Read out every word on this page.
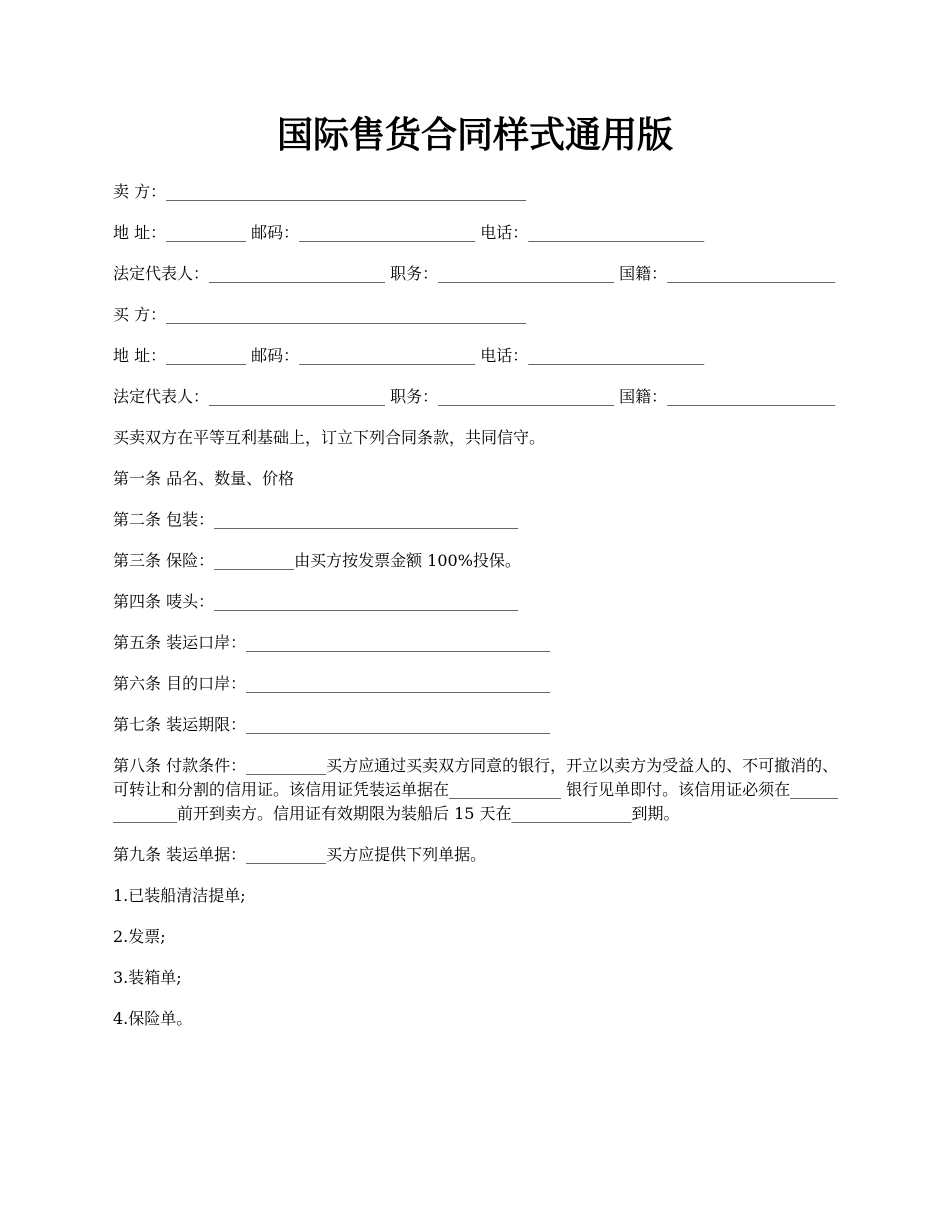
国际售货合同样式通用版

卖 方：_____________________________________________

地 址：__________ 邮码：______________________ 电话：______________________

法定代表人：______________________ 职务：______________________ 国籍：_____________________

买 方：_____________________________________________

地 址：__________ 邮码：______________________ 电话：______________________

法定代表人：______________________ 职务：______________________ 国籍：_____________________

买卖双方在平等互利基础上，订立下列合同条款，共同信守。

第一条 品名、数量、价格

第二条 包装：______________________________________

第三条 保险：__________由买方按发票金额 100%投保。

第四条 唛头：______________________________________

第五条 装运口岸：______________________________________

第六条 目的口岸：______________________________________

第七条 装运期限：______________________________________

第八条 付款条件：__________买方应通过买卖双方同意的银行，开立以卖方为受益人的、不可撤消的、可转让和分割的信用证。该信用证凭装运单据在______________ 银行见单即付。该信用证必须在______________前开到卖方。信用证有效期限为装船后 15 天在_______________到期。

第九条 装运单据：__________买方应提供下列单据。

1.已装船清洁提单;

2.发票;

3.装箱单;

4.保险单。
